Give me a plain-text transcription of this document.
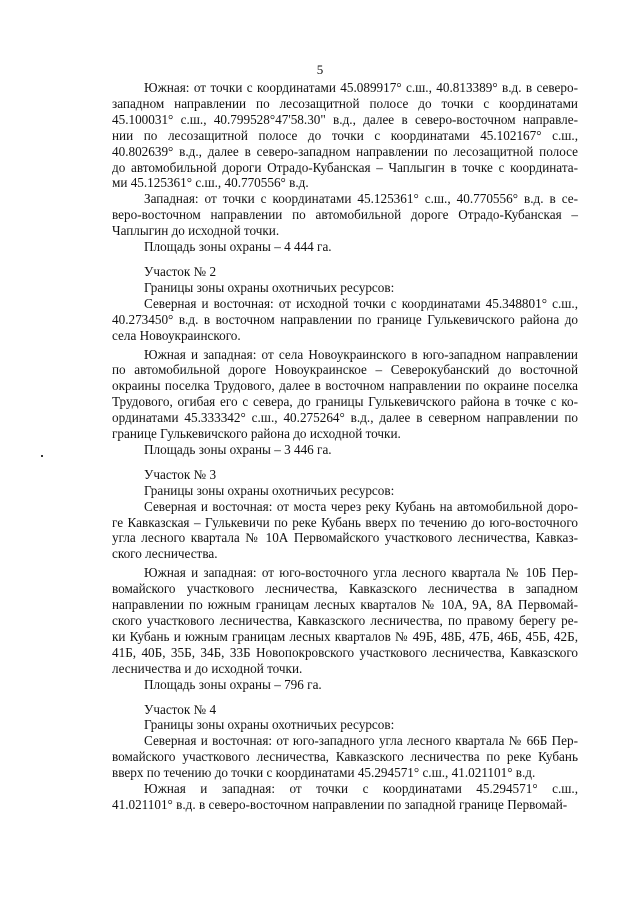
5

Южная: от точки с координатами 45.089917° с.ш., 40.813389° в.д. в северо-
западном направлении по лесозащитной полосе до точки с координатами
45.100031° с.ш., 40.799528°47'58.30" в.д., далее в северо-восточном направле-
нии по лесозащитной полосе до точки с координатами 45.102167° с.ш.,
40.802639° в.д., далее в северо-западном направлении по лесозащитной полосе
до автомобильной дороги Отрадо-Кубанская – Чаплыгин в точке с координата-
ми 45.125361° с.ш., 40.770556° в.д.

Западная: от точки с координатами 45.125361° с.ш., 40.770556° в.д. в се-
веро-восточном направлении по автомобильной дороге Отрадо-Кубанская –
Чаплыгин до исходной точки.

Площадь зоны охраны – 4 444 га.

Участок № 2

Границы зоны охраны охотничьих ресурсов:

Северная и восточная: от исходной точки с координатами 45.348801° с.ш.,
40.273450° в.д. в восточном направлении по границе Гулькевичского района до
села Новоукраинского.

Южная и западная: от села Новоукраинского в юго-западном направлении
по автомобильной дороге Новоукраинское – Северокубанский до восточной
окраины поселка Трудового, далее в восточном направлении по окраине поселка
Трудового, огибая его с севера, до границы Гулькевичского района в точке с ко-
ординатами 45.333342° с.ш., 40.275264° в.д., далее в северном направлении по
границе Гулькевичского района до исходной точки.

Площадь зоны охраны – 3 446 га.

Участок № 3

Границы зоны охраны охотничьих ресурсов:

Северная и восточная: от моста через реку Кубань на автомобильной доро-
ге Кавказская – Гулькевичи по реке Кубань вверх по течению до юго-восточного
угла лесного квартала № 10А Первомайского участкового лесничества, Кавказ-
ского лесничества.

Южная и западная: от юго-восточного угла лесного квартала № 10Б Пер-
вомайского участкового лесничества, Кавказского лесничества в западном
направлении по южным границам лесных кварталов № 10А, 9А, 8А Первомай-
ского участкового лесничества, Кавказского лесничества, по правому берегу ре-
ки Кубань и южным границам лесных кварталов № 49Б, 48Б, 47Б, 46Б, 45Б, 42Б,
41Б, 40Б, 35Б, 34Б, 33Б Новопокровского участкового лесничества, Кавказского
лесничества и до исходной точки.

Площадь зоны охраны – 796 га.

Участок № 4

Границы зоны охраны охотничьих ресурсов:

Северная и восточная: от юго-западного угла лесного квартала № 66Б Пер-
вомайского участкового лесничества, Кавказского лесничества по реке Кубань
вверх по течению до точки с координатами 45.294571° с.ш., 41.021101° в.д.

Южная и западная: от точки с координатами 45.294571° с.ш.,
41.021101° в.д. в северо-восточном направлении по западной границе Первомай-
